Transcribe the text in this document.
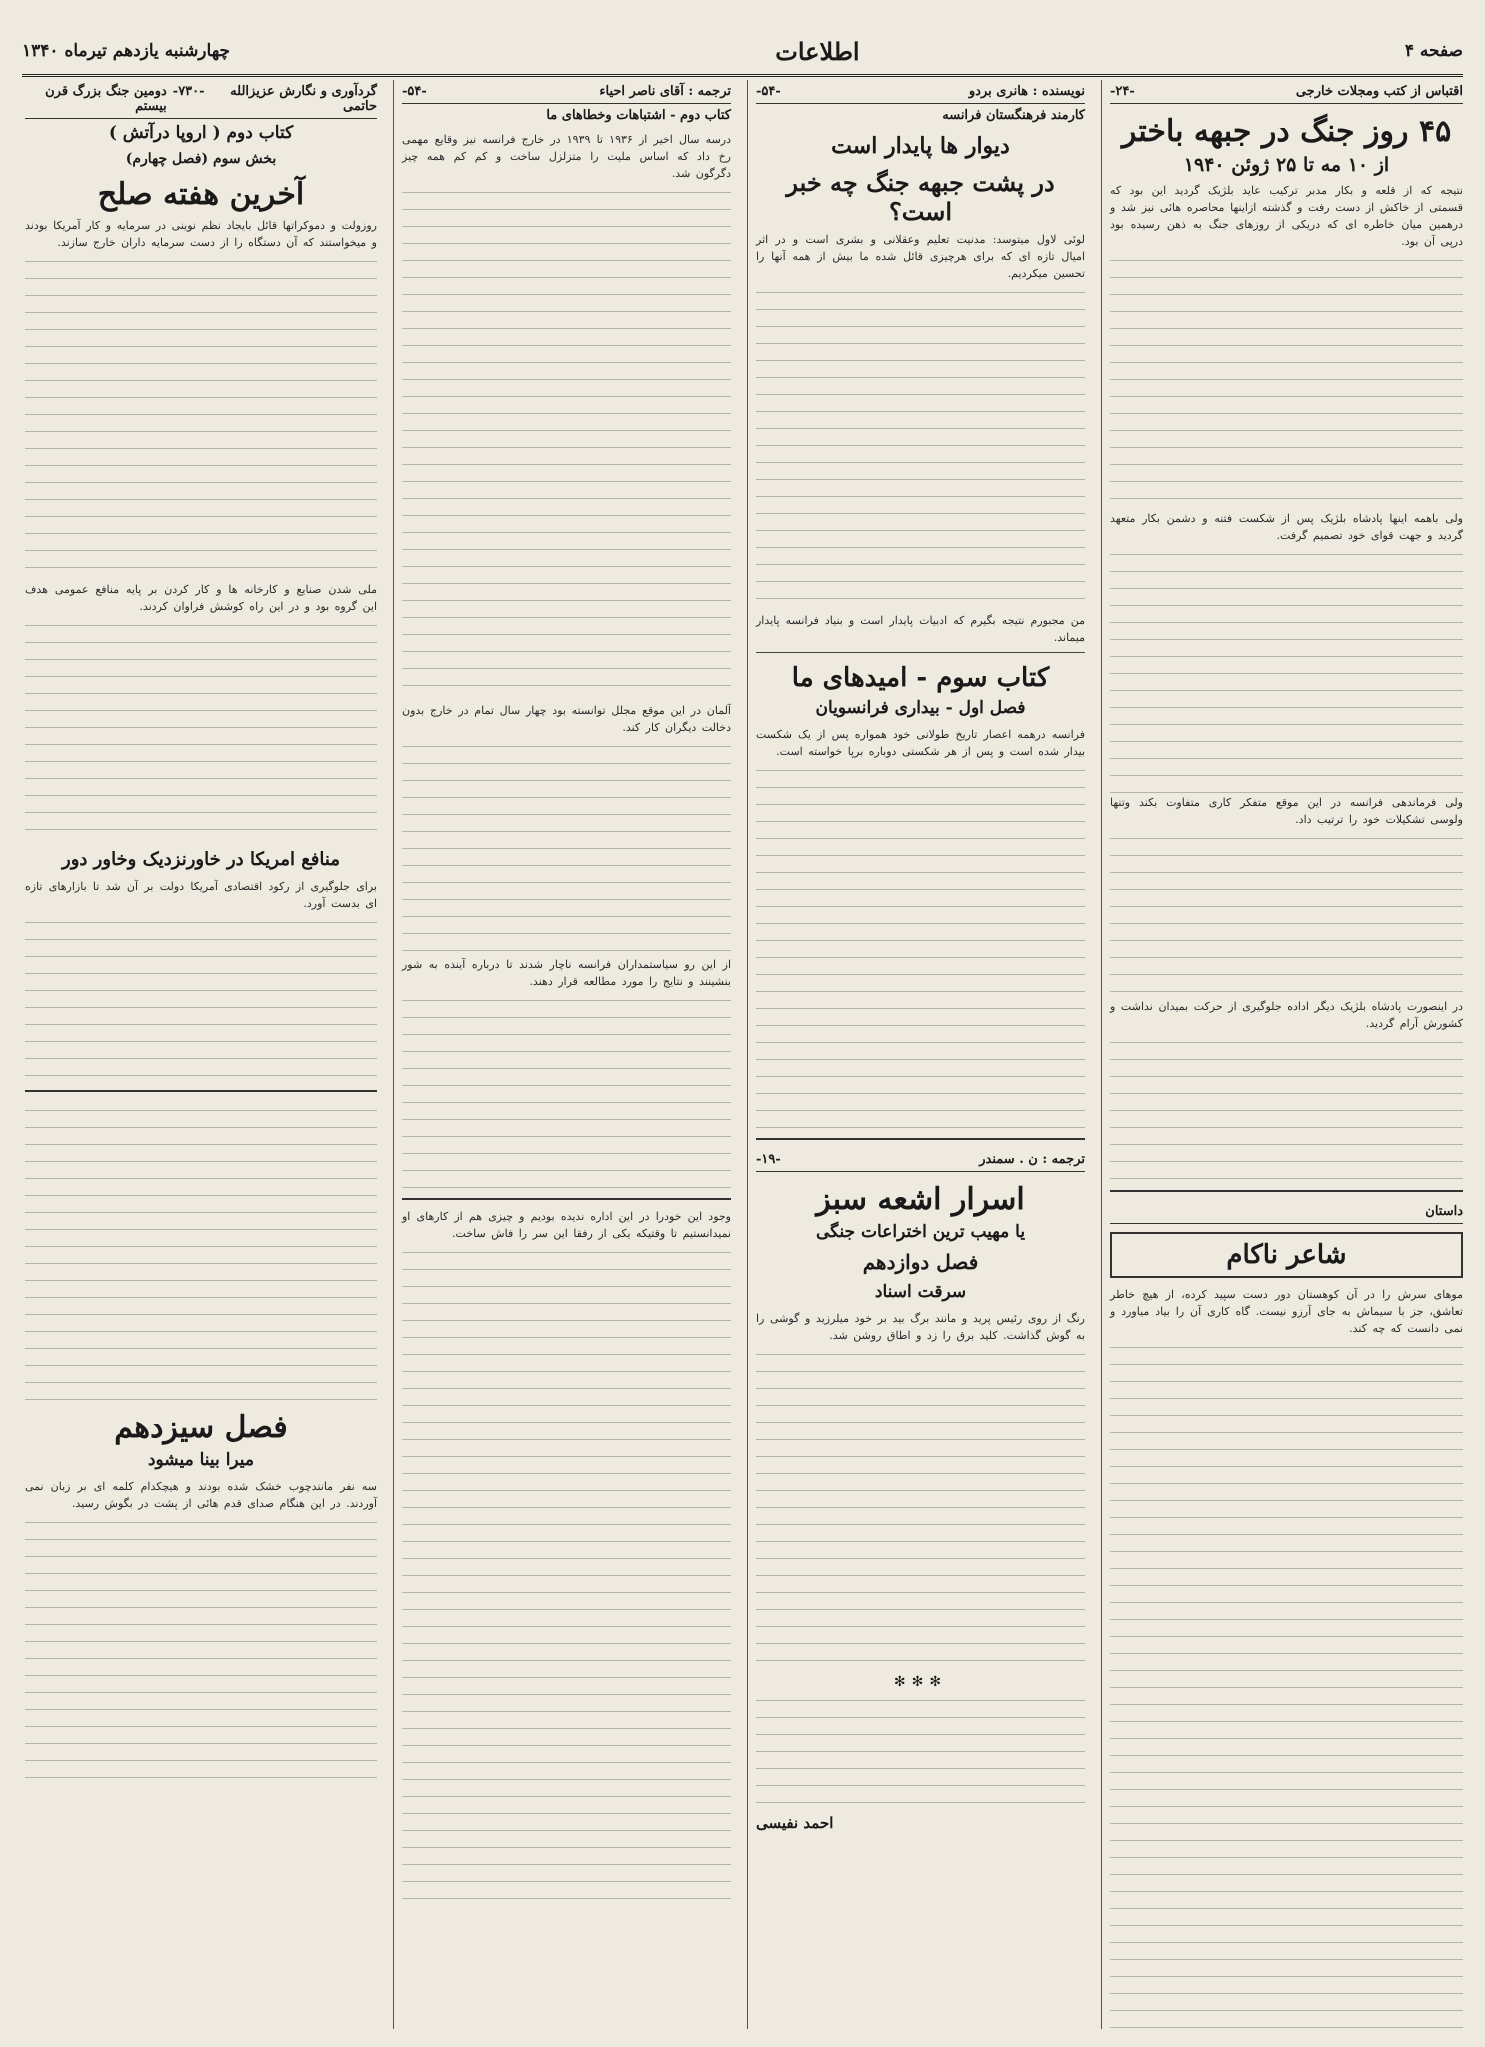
صفحه ۴
اطلاعات
چهارشنبه یازدهم تیرماه ۱۳۴۰
اقتباس از کتب ومجلات خارجی
-۲۴-
۴۵ روز جنگ در جبهه باختر
از ۱۰ مه تا ۲۵ ژوئن ۱۹۴۰
نتیجه که از قلعه و بکار مدبر ترکیب عاید بلژیک گردید این بود که قسمتی از خاکش از دست رفت و گذشته ازاینها محاصره هائی نیز شد و درهمین میان خاطره ای که دریکی از روزهای جنگ به ذهن رسیده بود درپی آن بود.
ولی باهمه اینها پادشاه بلژیک پس از شکست فتنه و دشمن بکار متعهد گردید و جهت قوای خود تصمیم گرفت.
ولی فرماندهی فرانسه در این موقع متفکر کاری متفاوت بکند وتنها ولوسی تشکیلات خود را ترتیب داد.
در اینصورت پادشاه بلژیک دیگر اداده جلوگیری از حرکت بمیدان نداشت و کشورش آرام گردید.
داستان
شاعر ناکام
موهای سرش را در آن کوهستان دور دست سپید کرده، از هیچ خاطر تعاشق، جز با سیماش به جای آرزو نیست. گاه کاری آن را بیاد میاورد و نمی دانست که چه کند.
نویسنده : هانری بردو
-۵۴-
کارمند فرهنگستان فرانسه
دیوار ها پایدار است
در پشت جبهه جنگ چه خبر است؟
لوئی لاول میتوسد: مدنیت تعلیم وعقلانی و بشری است و در اثر امیال تازه ای که برای هرچیزی قائل شده ما بیش از همه آنها را تحسین میکردیم.
من مجبورم نتیجه بگیرم که ادبیات پایدار است و بنیاد فرانسه پایدار میماند.
کتاب سوم - امیدهای ما
فصل اول - بیداری فرانسویان
فرانسه درهمه اعصار تاریخ طولانی خود همواره پس از یک شکست بیدار شده است و پس از هر شکستی دوباره برپا خواسته است.
ترجمه : ن . سمندر
-۱۹-
اسرار اشعه سبز
یا مهیب ترین اختراعات جنگی
فصل دوازدهم
سرقت اسناد
رنگ از روی رئیس پرید و مانند برگ بید بر خود میلرزید و گوشی را به گوش گذاشت. کلید برق را زد و اطاق روشن شد.
✻✻✻
احمد نفیسی
ترجمه : آقای ناصر احیاء
-۵۴-
کتاب دوم - اشتباهات وخطاهای ما
درسه سال اخیر از ۱۹۳۶ تا ۱۹۳۹ در خارج فرانسه نیز وقایع مهمی رخ داد که اساس ملیت را متزلزل ساخت و کم کم همه چیز دگرگون شد.
آلمان در این موقع مجلل توانسته بود چهار سال تمام در خارج بدون دخالت دیگران کار کند.
از این رو سیاستمداران فرانسه ناچار شدند تا درباره آینده به شور بنشینند و نتایج را مورد مطالعه قرار دهند.
وجود این خودرا در این اداره ندیده بودیم و چیزی هم از کارهای او نمیدانستیم تا وقتیکه یکی از رفقا این سر را فاش ساخت.
گردآوری و نگارش عزیزالله حاتمی
-۷۳۰-
دومین جنگ بزرگ قرن بیستم
کتاب دوم ( اروپا درآتش )
بخش سوم (فصل چهارم)
آخرین هفته صلح
روزولت و دموکراتها قائل بایجاد نظم نوینی در سرمایه و کار آمریکا بودند و میخواستند که آن دستگاه را از دست سرمایه داران خارج سازند.
ملی شدن صنایع و کارخانه ها و کار کردن بر پایه منافع عمومی هدف این گروه بود و در این راه کوشش فراوان کردند.
منافع امریکا در خاورنزدیک وخاور دور
برای جلوگیری از رکود اقتصادی آمریکا دولت بر آن شد تا بازارهای تازه ای بدست آورد.
فصل سیزدهم
میرا بینا میشود
سه نفر مانندچوب خشک شده بودند و هیچکدام کلمه ای بر زبان نمی آوردند. در این هنگام صدای قدم هائی از پشت در بگوش رسید.
